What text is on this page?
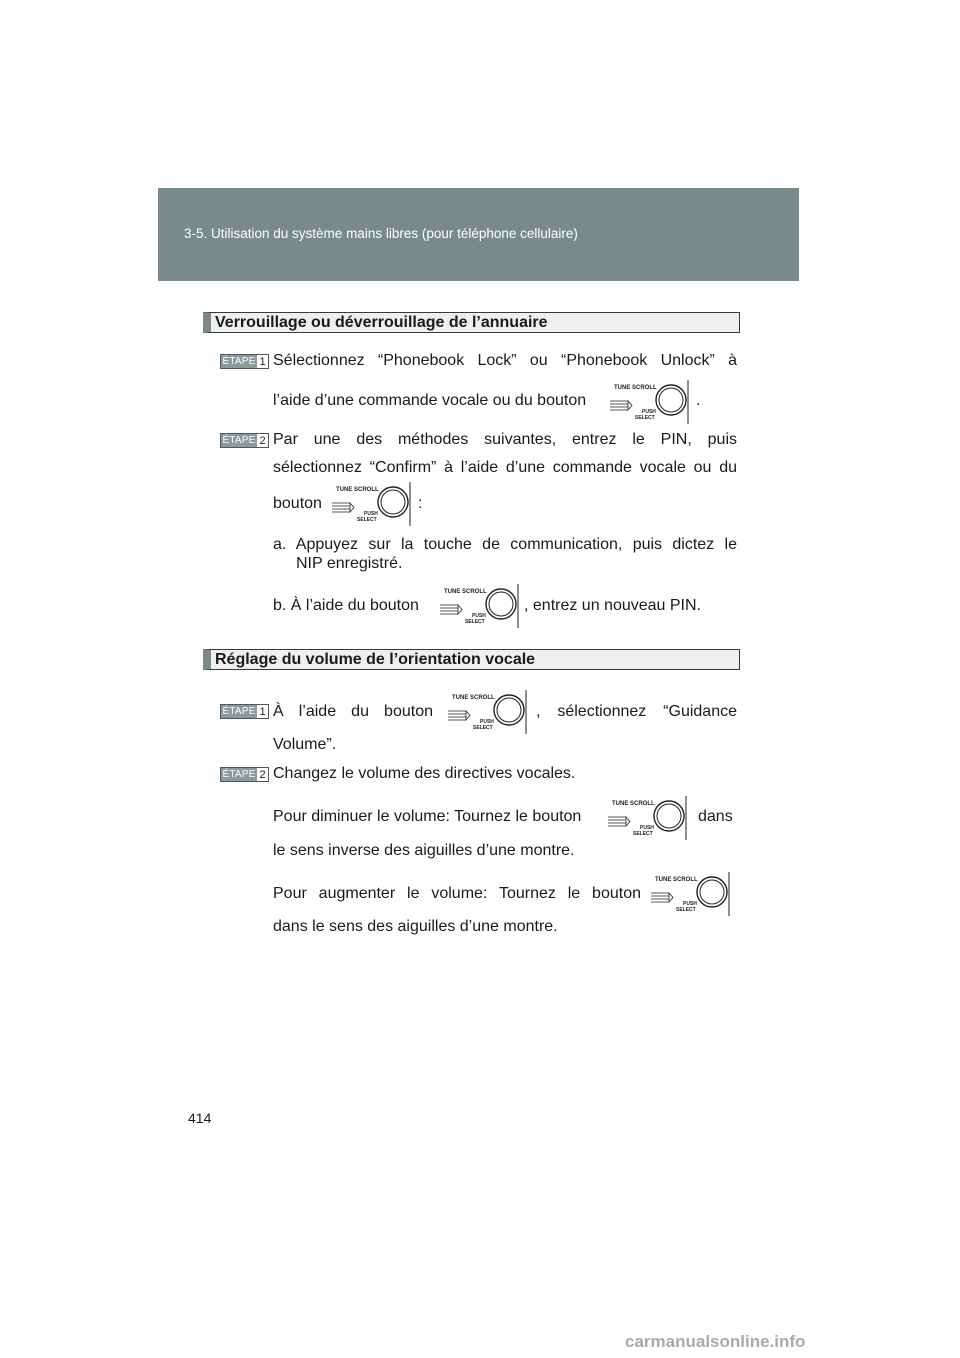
3-5. Utilisation du système mains libres (pour téléphone cellulaire)
Verrouillage ou déverrouillage de l’annuaire
ÉTAPE 1 Sélectionnez “Phonebook Lock” ou “Phonebook Unlock” à
l’aide d’une commande vocale ou du bouton
TUNE SCROLL
PUSH
SELECT
.
ÉTAPE 2 Par une des méthodes suivantes, entrez le PIN, puis
sélectionnez “Confirm” à l’aide d’une commande vocale ou du
bouton
TUNE SCROLL
PUSH
SELECT
:
a. Appuyez sur la touche de communication, puis dictez le
NIP enregistré.
b. À l’aide du bouton
TUNE SCROLL
PUSH
SELECT
, entrez un nouveau PIN.
Réglage du volume de l’orientation vocale
ÉTAPE 1 À l’aide du bouton
TUNE SCROLL
PUSH
SELECT
, sélectionnez “Guidance
Volume”.
ÉTAPE 2 Changez le volume des directives vocales.
Pour diminuer le volume: Tournez le bouton
TUNE SCROLL
PUSH
SELECT
dans
le sens inverse des aiguilles d’une montre.
Pour augmenter le volume: Tournez le bouton
TUNE SCROLL
PUSH
SELECT
dans le sens des aiguilles d’une montre.
414
carmanualsonline.info
